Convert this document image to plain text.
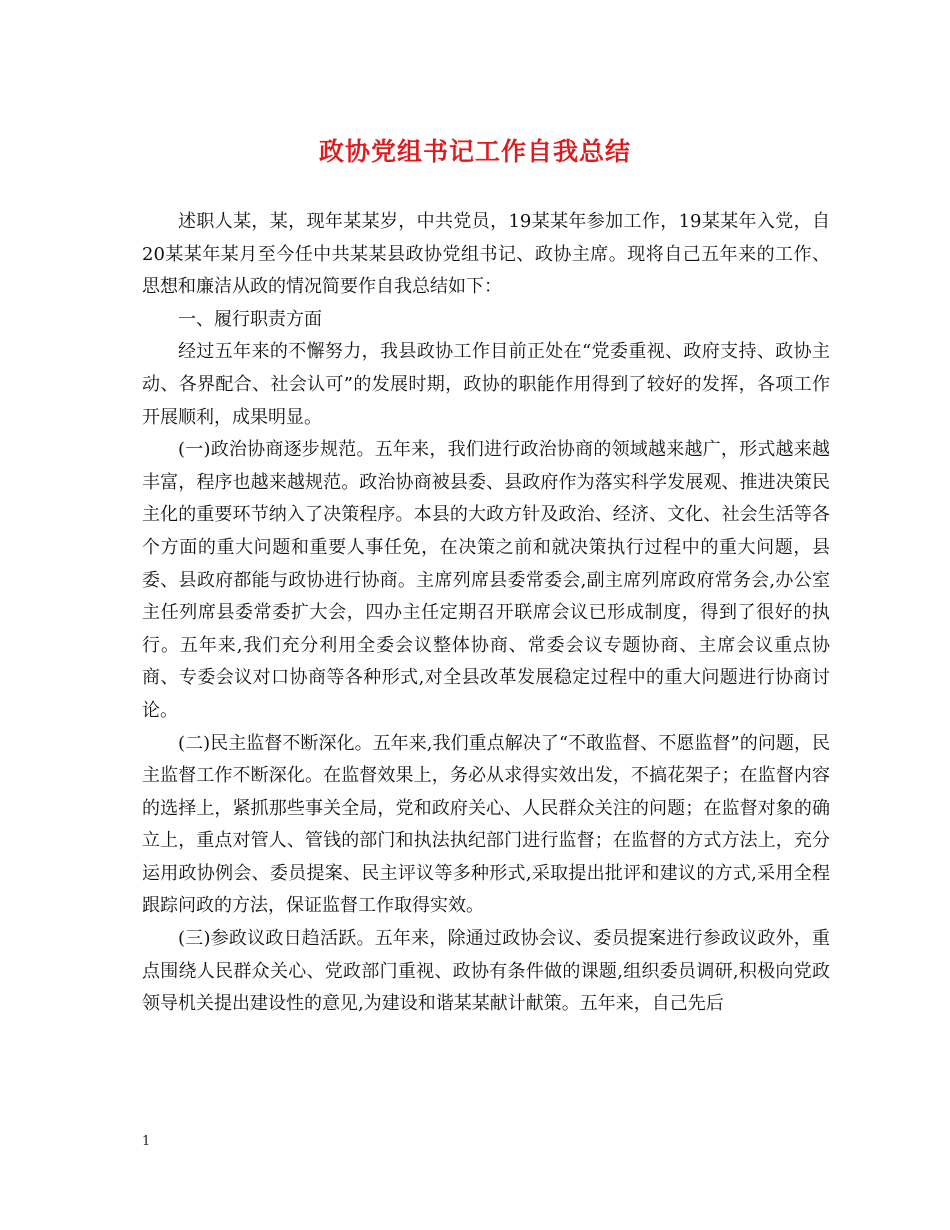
政协党组书记工作自我总结

述职人某，某，现年某某岁，中共党员，19某某年参加工作，19某某年入党，自20某某年某月至今任中共某某县政协党组书记、政协主席。现将自己五年来的工作、思想和廉洁从政的情况简要作自我总结如下：

一、履行职责方面

经过五年来的不懈努力，我县政协工作目前正处在“党委重视、政府支持、政协主动、各界配合、社会认可”的发展时期，政协的职能作用得到了较好的发挥，各项工作开展顺利，成果明显。

(一)政治协商逐步规范。五年来，我们进行政治协商的领域越来越广，形式越来越丰富，程序也越来越规范。政治协商被县委、县政府作为落实科学发展观、推进决策民主化的重要环节纳入了决策程序。本县的大政方针及政治、经济、文化、社会生活等各个方面的重大问题和重要人事任免，在决策之前和就决策执行过程中的重大问题，县委、县政府都能与政协进行协商。主席列席县委常委会,副主席列席政府常务会,办公室主任列席县委常委扩大会，四办主任定期召开联席会议已形成制度，得到了很好的执行。五年来,我们充分利用全委会议整体协商、常委会议专题协商、主席会议重点协商、专委会议对口协商等各种形式,对全县改革发展稳定过程中的重大问题进行协商讨论。

(二)民主监督不断深化。五年来,我们重点解决了“不敢监督、不愿监督”的问题，民主监督工作不断深化。在监督效果上，务必从求得实效出发，不搞花架子；在监督内容的选择上，紧抓那些事关全局，党和政府关心、人民群众关注的问题；在监督对象的确立上，重点对管人、管钱的部门和执法执纪部门进行监督；在监督的方式方法上，充分运用政协例会、委员提案、民主评议等多种形式,采取提出批评和建议的方式,采用全程跟踪问政的方法，保证监督工作取得实效。

(三)参政议政日趋活跃。五年来，除通过政协会议、委员提案进行参政议政外，重点围绕人民群众关心、党政部门重视、政协有条件做的课题,组织委员调研,积极向党政领导机关提出建设性的意见,为建设和谐某某献计献策。五年来，自己先后

1
